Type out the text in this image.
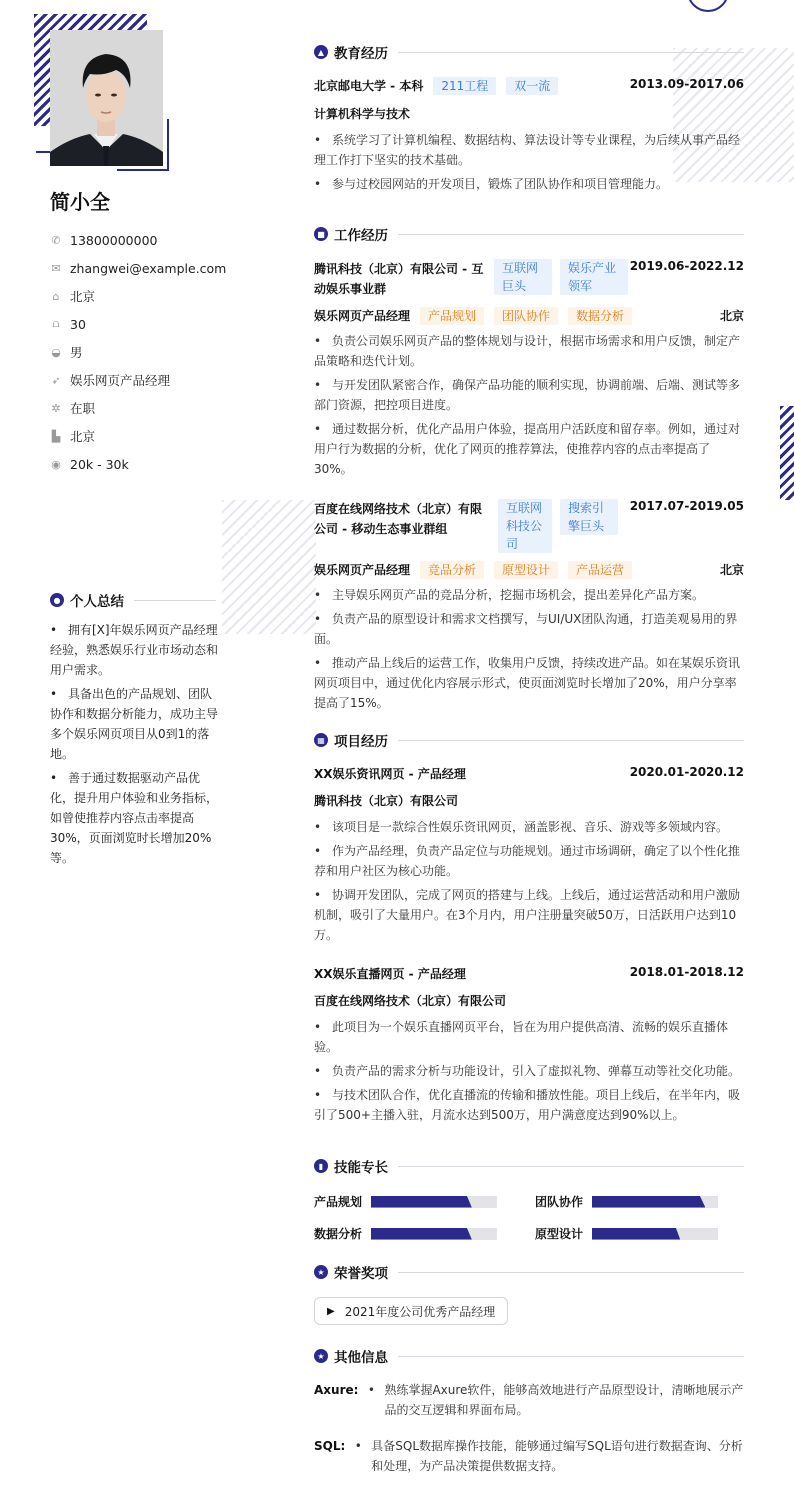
简小全
✆ 13800000000
✉ zhangwei@example.com
⌂ 北京
⩍ 30
◒ 男
➶ 娱乐网页产品经理
✲ 在职
▙ 北京
◉ 20k - 30k
● 个人总结
• 拥有[X]年娱乐网页产品经理经验，熟悉娱乐行业市场动态和用户需求。
• 具备出色的产品规划、团队协作和数据分析能力，成功主导多个娱乐网页项目从0到1的落地。
• 善于通过数据驱动产品优化，提升用户体验和业务指标，如曾使推荐内容点击率提高30%，页面浏览时长增加20%等。
▲ 教育经历
北京邮电大学 - 本科 211工程 双一流	2013.09-2017.06
计算机科学与技术
• 系统学习了计算机编程、数据结构、算法设计等专业课程，为后续从事产品经理工作打下坚实的技术基础。
• 参与过校园网站的开发项目，锻炼了团队协作和项目管理能力。
■ 工作经历
腾讯科技（北京）有限公司 - 互动娱乐事业群
互联网巨头
娱乐产业领军
2019.06-2022.12
娱乐网页产品经理 产品规划 团队协作 数据分析	北京
• 负责公司娱乐网页产品的整体规划与设计，根据市场需求和用户反馈，制定产品策略和迭代计划。
• 与开发团队紧密合作，确保产品功能的顺利实现，协调前端、后端、测试等多部门资源，把控项目进度。
• 通过数据分析，优化产品用户体验，提高用户活跃度和留存率。例如，通过对用户行为数据的分析，优化了网页的推荐算法，使推荐内容的点击率提高了30%。
百度在线网络技术（北京）有限公司 - 移动生态事业群组
互联网科技公司
搜索引擎巨头
2017.07-2019.05
娱乐网页产品经理 竞品分析 原型设计 产品运营	北京
• 主导娱乐网页产品的竞品分析，挖掘市场机会，提出差异化产品方案。
• 负责产品的原型设计和需求文档撰写，与UI/UX团队沟通，打造美观易用的界面。
• 推动产品上线后的运营工作，收集用户反馈，持续改进产品。如在某娱乐资讯网页项目中，通过优化内容展示形式，使页面浏览时长增加了20%，用户分享率提高了15%。
▦ 项目经历
XX娱乐资讯网页 - 产品经理	2020.01-2020.12
腾讯科技（北京）有限公司
• 该项目是一款综合性娱乐资讯网页，涵盖影视、音乐、游戏等多领域内容。
• 作为产品经理，负责产品定位与功能规划。通过市场调研，确定了以个性化推荐和用户社区为核心功能。
• 协调开发团队，完成了网页的搭建与上线。上线后，通过运营活动和用户激励机制，吸引了大量用户。在3个月内，用户注册量突破50万，日活跃用户达到10万。
XX娱乐直播网页 - 产品经理	2018.01-2018.12
百度在线网络技术（北京）有限公司
• 此项目为一个娱乐直播网页平台，旨在为用户提供高清、流畅的娱乐直播体验。
• 负责产品的需求分析与功能设计，引入了虚拟礼物、弹幕互动等社交化功能。
• 与技术团队合作，优化直播流的传输和播放性能。项目上线后，在半年内，吸引了500+主播入驻，月流水达到500万，用户满意度达到90%以上。
▮ 技能专长
产品规划	团队协作
数据分析	原型设计
★ 荣誉奖项
▶ 2021年度公司优秀产品经理
★ 其他信息
Axure: • 熟练掌握Axure软件，能够高效地进行产品原型设计，清晰地展示产品的交互逻辑和界面布局。
SQL: • 具备SQL数据库操作技能，能够通过编写SQL语句进行数据查询、分析和处理，为产品决策提供数据支持。
